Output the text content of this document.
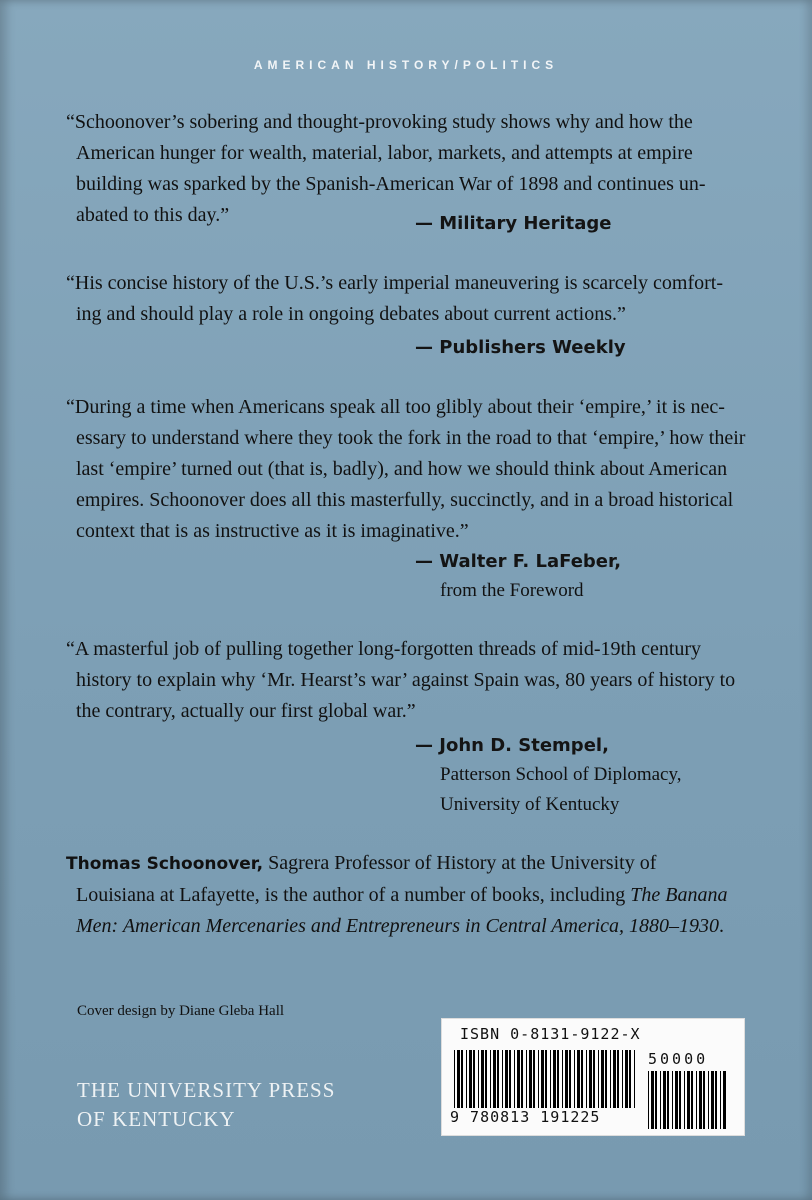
AMERICAN HISTORY/POLITICS

“Schoonover’s sobering and thought-provoking study shows why and how the

American hunger for wealth, material, labor, markets, and attempts at empire

building was sparked by the Spanish-American War of 1898 and continues un-

abated to this day.”	— Military Heritage

“His concise history of the U.S.’s early imperial maneuvering is scarcely comfort-

ing and should play a role in ongoing debates about current actions.”

— Publishers Weekly

“During a time when Americans speak all too glibly about their ‘empire,’ it is nec-

essary to understand where they took the fork in the road to that ‘empire,’ how their

last ‘empire’ turned out (that is, badly), and how we should think about American

empires. Schoonover does all this masterfully, succinctly, and in a broad historical

context that is as instructive as it is imaginative.”

— Walter F. LaFeber,
from the Foreword

“A masterful job of pulling together long-forgotten threads of mid-19th century

history to explain why ‘Mr. Hearst’s war’ against Spain was, 80 years of history to

the contrary, actually our first global war.”

— John D. Stempel,
Patterson School of Diplomacy,
University of Kentucky

Thomas Schoonover, Sagrera Professor of History at the University of

Louisiana at Lafayette, is the author of a number of books, including The Banana

Men: American Mercenaries and Entrepreneurs in Central America, 1880–1930.

Cover design by Diane Gleba Hall
THE UNIVERSITY PRESS
OF KENTUCKY
ISBN 0-8131-9122-X
9 780813 191225
50000
